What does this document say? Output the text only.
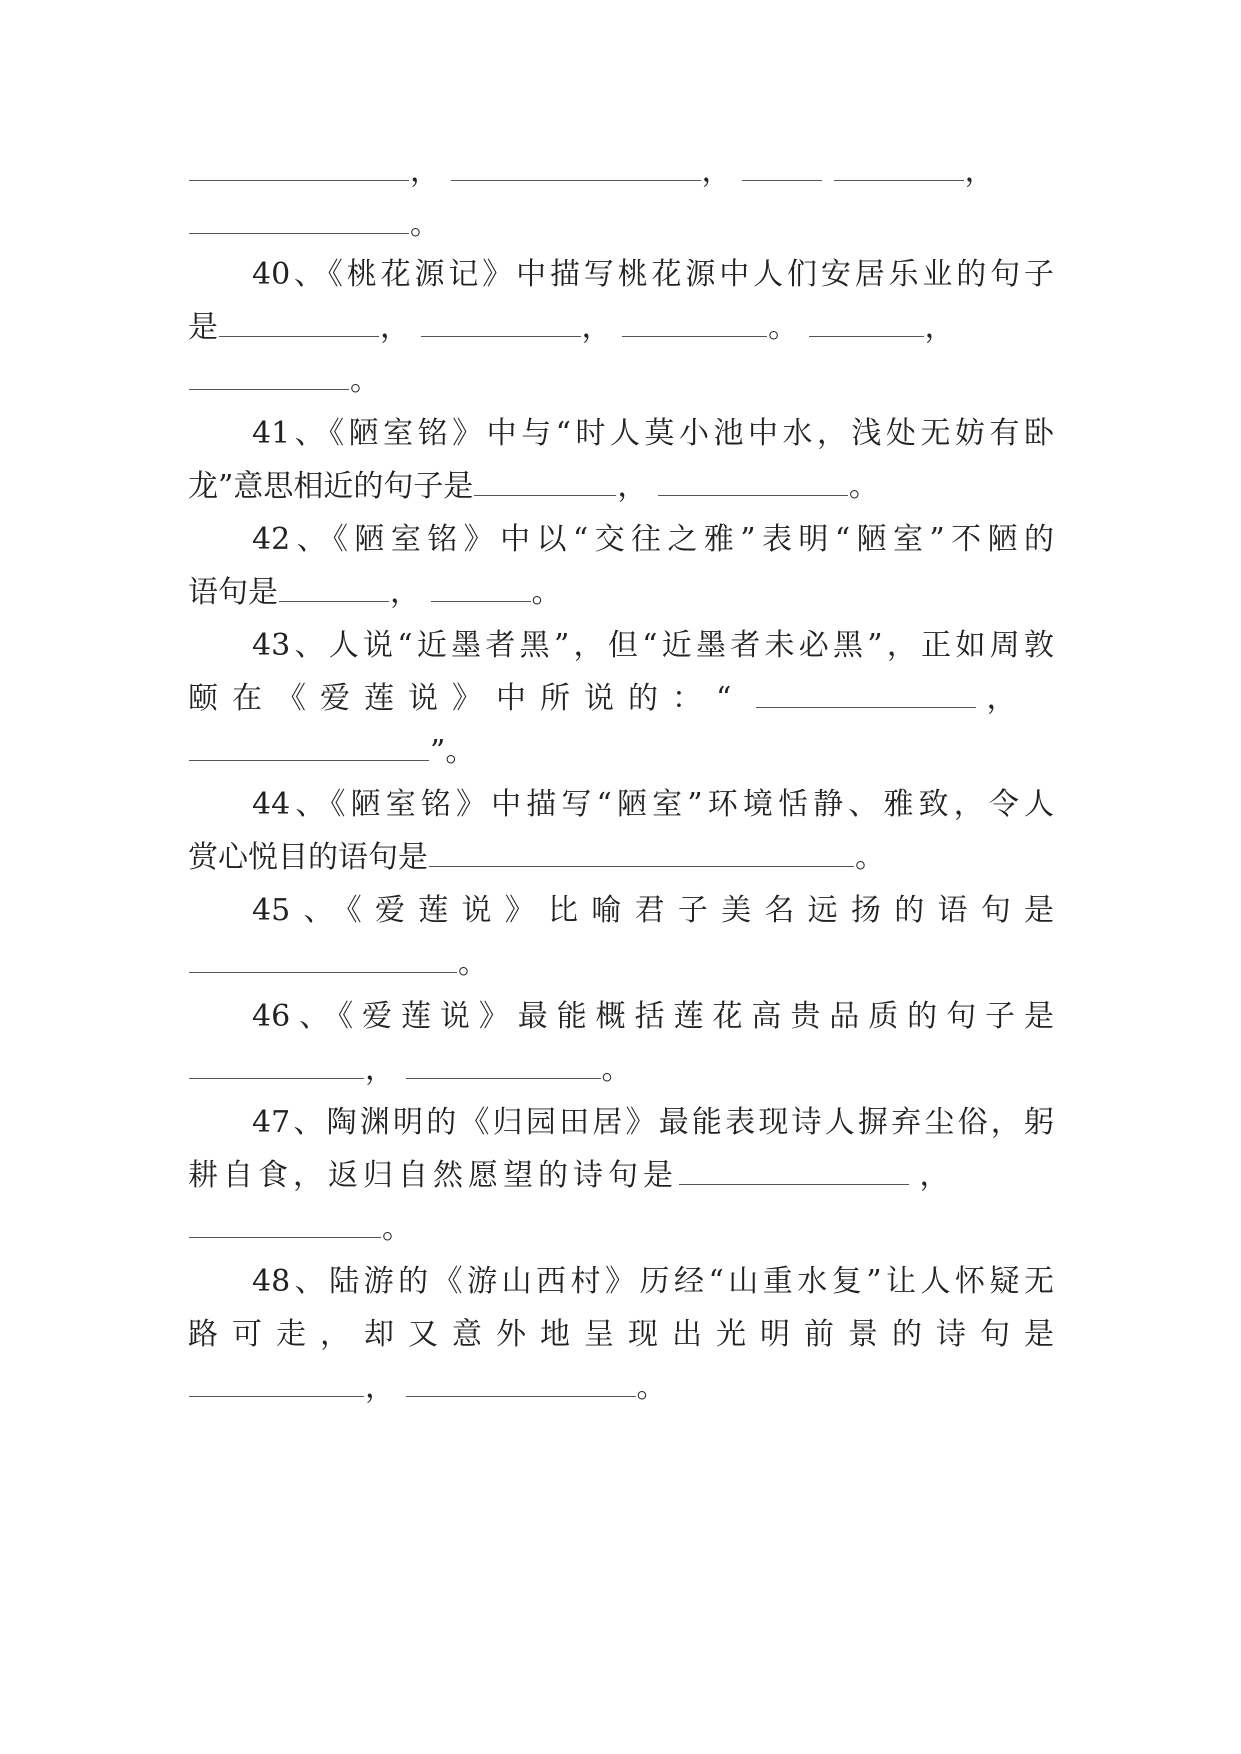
，	，	，
。
40、《桃花源记》中描写桃花源中人们安居乐业的句子
是	，	，	。	，
。
41、《陋室铭》中与“时人莫小池中水，浅处无妨有卧
龙”意思相近的句子是	，	。
42、《陋室铭》中以“交往之雅”表明“陋室”不陋的
语句是	，	。
43、人说“近墨者黑”，但“近墨者未必黑”，正如周敦
颐在《爱莲说》中所说的：“	，
”。
44、《陋室铭》中描写“陋室”环境恬静、雅致，令人
赏心悦目的语句是	。
45、《爱莲说》比喻君子美名远扬的语句是
。
46、《爱莲说》最能概括莲花高贵品质的句子是
，	。
47、陶渊明的《归园田居》最能表现诗人摒弃尘俗，躬
耕自食，返归自然愿望的诗句是	，
。
48、陆游的《游山西村》历经“山重水复”让人怀疑无
路可走，却又意外地呈现出光明前景的诗句是
，	。
